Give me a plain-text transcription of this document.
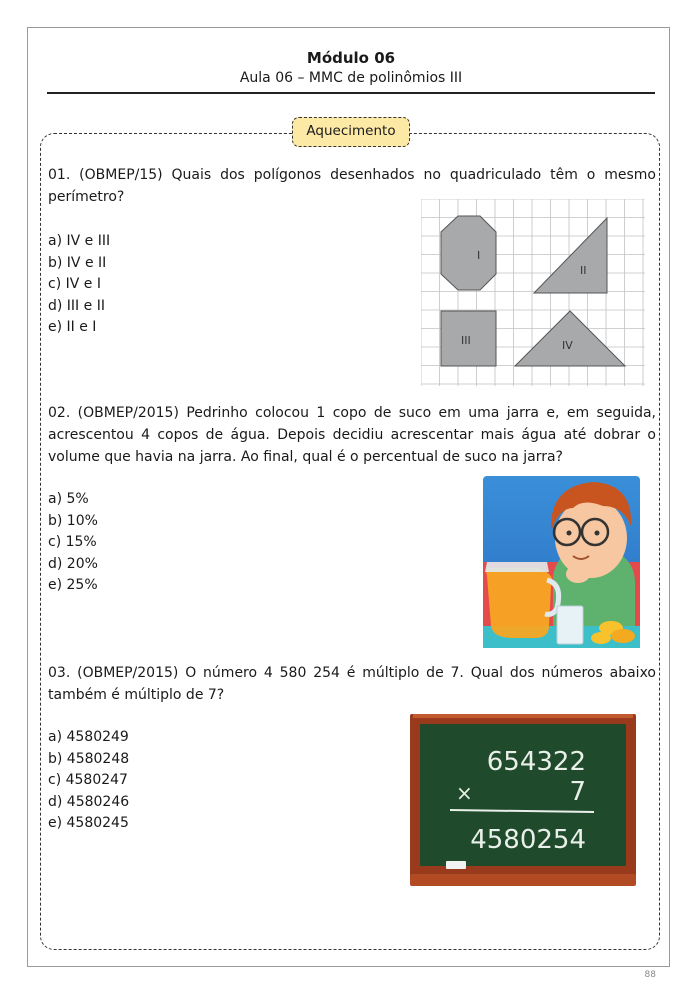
Módulo 06
Aula 06 – MMC de polinômios III
Aquecimento
01. (OBMEP/15) Quais dos polígonos desenhados no quadriculado têm o mesmo perímetro?
a) IV e III
b) IV e II
c) IV e I
d) III e II
e) II e I
I
II
III	IV
02. (OBMEP/2015) Pedrinho colocou 1 copo de suco em uma jarra e, em seguida, acrescentou 4 copos de água. Depois decidiu acrescentar mais água até dobrar o volume que havia na jarra. Ao final, qual é o percentual de suco na jarra?
a) 5%
b) 10%
c) 15%
d) 20%
e) 25%
03. (OBMEP/2015) O número 4 580 254 é múltiplo de 7. Qual dos números abaixo também é múltiplo de 7?
a) 4580249
b) 4580248
c) 4580247
d) 4580246
e) 4580245
654322
×	7
4580254
88
